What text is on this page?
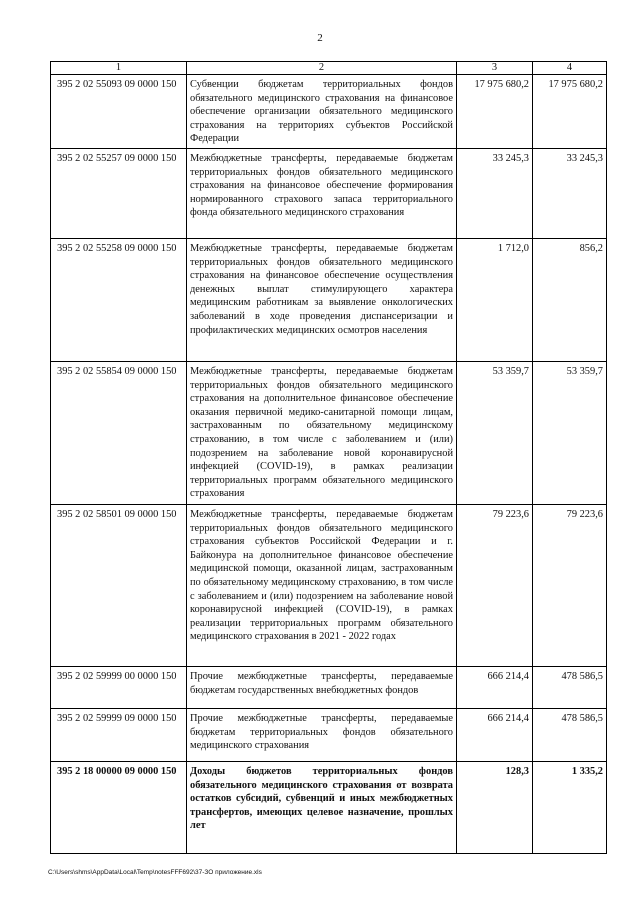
2
1	2	3	4
395 2 02 55093 09 0000 150	Субвенции бюджетам территориальных фондов обязательного медицинского страхования на финансовое обеспечение организации обязательного медицинского страхования на территориях субъектов Российской Федерации	17 975 680,2	17 975 680,2
395 2 02 55257 09 0000 150	Межбюджетные трансферты, передаваемые бюджетам территориальных фондов обязательного медицинского страхования на финансовое обеспечение формирования нормированного страхового запаса территориального фонда обязательного медицинского страхования	33 245,3	33 245,3
395 2 02 55258 09 0000 150	Межбюджетные трансферты, передаваемые бюджетам территориальных фондов обязательного медицинского страхования на финансовое обеспечение осуществления денежных выплат стимулирующего характера медицинским работникам за выявление онкологических заболеваний в ходе проведения диспансеризации и профилактических медицинских осмотров населения	1 712,0	856,2
395 2 02 55854 09 0000 150	Межбюджетные трансферты, передаваемые бюджетам территориальных фондов обязательного медицинского страхования на дополнительное финансовое обеспечение оказания первичной медико-санитарной помощи лицам, застрахованным по обязательному медицинскому страхованию, в том числе с заболеванием и (или) подозрением на заболевание новой коронавирусной инфекцией (COVID-19), в рамках реализации территориальных программ обязательного медицинского страхования	53 359,7	53 359,7
395 2 02 58501 09 0000 150	Межбюджетные трансферты, передаваемые бюджетам территориальных фондов обязательного медицинского страхования субъектов Российской Федерации и г. Байконура на дополнительное финансовое обеспечение медицинской помощи, оказанной лицам, застрахованным по обязательному медицинскому страхованию, в том числе с заболеванием и (или) подозрением на заболевание новой коронавирусной инфекцией (COVID-19), в рамках реализации территориальных программ обязательного медицинского страхования в 2021 - 2022 годах	79 223,6	79 223,6
395 2 02 59999 00 0000 150	Прочие межбюджетные трансферты, передаваемые бюджетам государственных внебюджетных фондов	666 214,4	478 586,5
395 2 02 59999 09 0000 150	Прочие межбюджетные трансферты, передаваемые бюджетам территориальных фондов обязательного медицинского страхования	666 214,4	478 586,5
395 2 18 00000 09 0000 150	Доходы бюджетов территориальных фондов обязательного медицинского страхования от возврата остатков субсидий, субвенций и иных межбюджетных трансфертов, имеющих целевое назначение, прошлых лет	128,3	1 335,2
C:\Users\shms\AppData\Local\Temp\notesFFF692\37-ЗО приложение.xls
